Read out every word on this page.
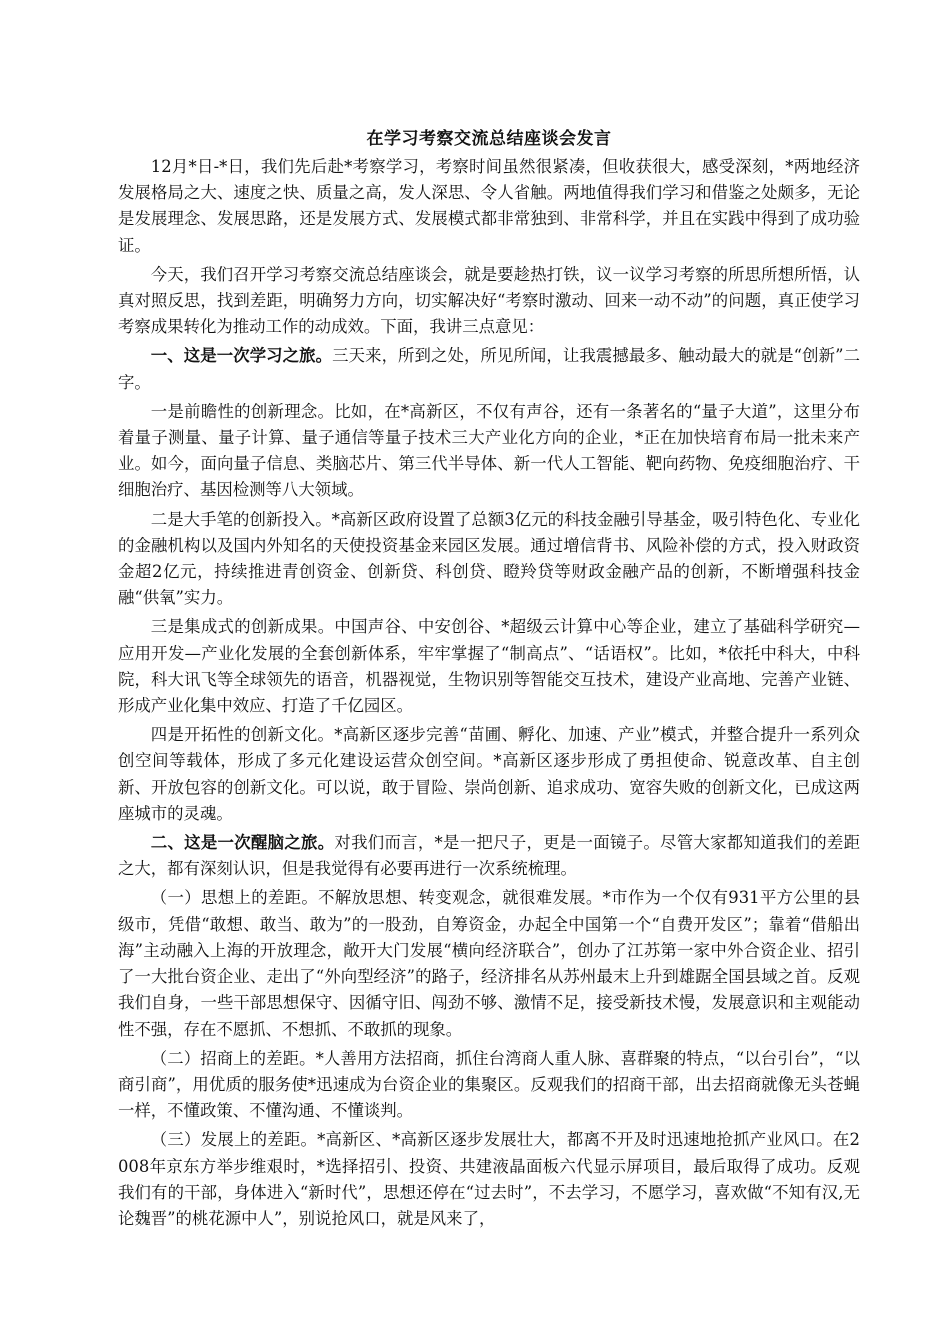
在学习考察交流总结座谈会发言

12月*日-*日，我们先后赴*考察学习，考察时间虽然很紧凑，但收获很大，感受深刻，*两地经济发展格局之大、速度之快、质量之高，发人深思、令人省触。两地值得我们学习和借鉴之处颇多，无论是发展理念、发展思路，还是发展方式、发展模式都非常独到、非常科学，并且在实践中得到了成功验证。

今天，我们召开学习考察交流总结座谈会，就是要趁热打铁，议一议学习考察的所思所想所悟，认真对照反思，找到差距，明确努力方向，切实解决好“考察时激动、回来一动不动”的问题，真正使学习考察成果转化为推动工作的动成效。下面，我讲三点意见：

一、这是一次学习之旅。三天来，所到之处，所见所闻，让我震撼最多、触动最大的就是“创新”二字。

一是前瞻性的创新理念。比如，在*高新区，不仅有声谷，还有一条著名的“量子大道”，这里分布着量子测量、量子计算、量子通信等量子技术三大产业化方向的企业，*正在加快培育布局一批未来产业。如今，面向量子信息、类脑芯片、第三代半导体、新一代人工智能、靶向药物、免疫细胞治疗、干细胞治疗、基因检测等八大领域。

二是大手笔的创新投入。*高新区政府设置了总额3亿元的科技金融引导基金，吸引特色化、专业化的金融机构以及国内外知名的天使投资基金来园区发展。通过增信背书、风险补偿的方式，投入财政资金超2亿元，持续推进青创资金、创新贷、科创贷、瞪羚贷等财政金融产品的创新，不断增强科技金融“供氧”实力。

三是集成式的创新成果。中国声谷、中安创谷、*超级云计算中心等企业，建立了基础科学研究—应用开发—产业化发展的全套创新体系，牢牢掌握了“制高点”、“话语权”。比如，*依托中科大，中科院，科大讯飞等全球领先的语音，机器视觉，生物识别等智能交互技术，建设产业高地、完善产业链、形成产业化集中效应、打造了千亿园区。

四是开拓性的创新文化。*高新区逐步完善“苗圃、孵化、加速、产业”模式，并整合提升一系列众创空间等载体，形成了多元化建设运营众创空间。*高新区逐步形成了勇担使命、锐意改革、自主创新、开放包容的创新文化。可以说，敢于冒险、崇尚创新、追求成功、宽容失败的创新文化，已成这两座城市的灵魂。

二、这是一次醒脑之旅。对我们而言，*是一把尺子，更是一面镜子。尽管大家都知道我们的差距之大，都有深刻认识，但是我觉得有必要再进行一次系统梳理。

（一）思想上的差距。不解放思想、转变观念，就很难发展。*市作为一个仅有931平方公里的县级市，凭借“敢想、敢当、敢为”的一股劲，自筹资金，办起全中国第一个“自费开发区”；靠着“借船出海”主动融入上海的开放理念，敞开大门发展“横向经济联合”，创办了江苏第一家中外合资企业、招引了一大批台资企业、走出了“外向型经济”的路子，经济排名从苏州最末上升到雄踞全国县域之首。反观我们自身，一些干部思想保守、因循守旧、闯劲不够、激情不足，接受新技术慢，发展意识和主观能动性不强，存在不愿抓、不想抓、不敢抓的现象。

（二）招商上的差距。*人善用方法招商，抓住台湾商人重人脉、喜群聚的特点，“以台引台”，“以商引商”，用优质的服务使*迅速成为台资企业的集聚区。反观我们的招商干部，出去招商就像无头苍蝇一样，不懂政策、不懂沟通、不懂谈判。

（三）发展上的差距。*高新区、*高新区逐步发展壮大，都离不开及时迅速地抢抓产业风口。在2008年京东方举步维艰时，*选择招引、投资、共建液晶面板六代显示屏项目，最后取得了成功。反观我们有的干部，身体进入“新时代”，思想还停在“过去时”，不去学习，不愿学习，喜欢做“不知有汉,无论魏晋”的桃花源中人”，别说抢风口，就是风来了，
